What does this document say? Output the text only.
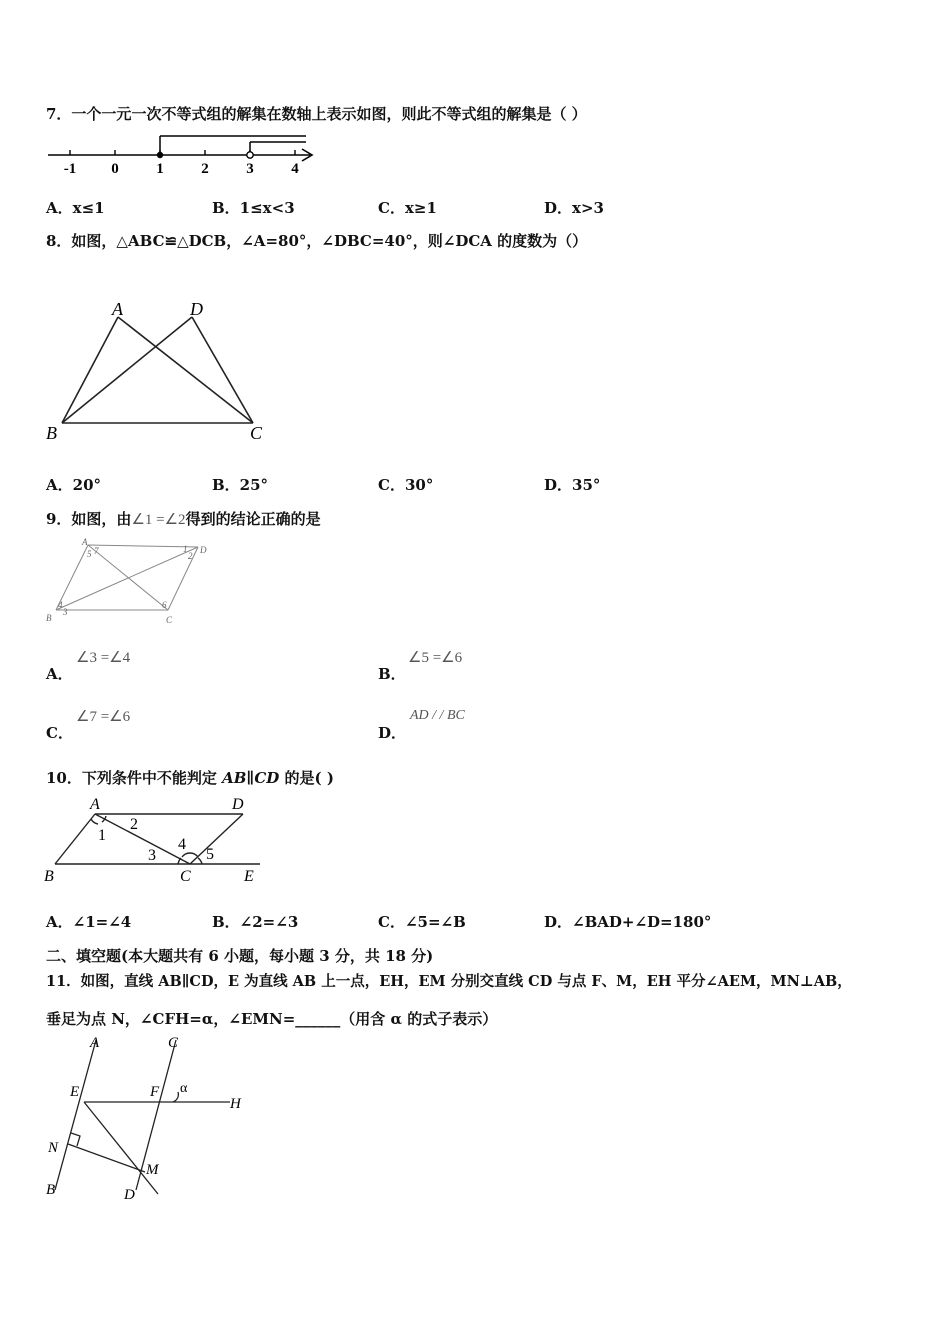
7．一个一元一次不等式组的解集在数轴上表示如图，则此不等式组的解集是（ ）
-1 0	1	2	3	4
A．x≤1	B．1≤x<3	C．x≥1	D．x>3
8．如图，△ABC≌△DCB，∠A=80°，∠DBC=40°，则∠DCA 的度数为（）
A	D
B	C
A．20°	B．25°	C．30°	D．35°
9．如图，由∠1 =∠2得到的结论正确的是
A
D
B	C
5 7	1
2
4
3
6
A．
∠3 =∠4
B．
∠5 =∠6
C．
∠7 =∠6
D．
AD / / BC
10．下列条件中不能判定 AB∥CD 的是( )
A	D
B	C	E
1
2
3
4
5
A．∠1=∠4	B．∠2=∠3	C．∠5=∠B	D．∠BAD+∠D=180°
二、填空题(本大题共有 6 小题，每小题 3 分，共 18 分)
11．如图，直线 AB∥CD，E 为直线 AB 上一点，EH，EM 分别交直线 CD 与点 F、M，EH 平分∠AEM，MN⊥AB，
垂足为点 N，∠CFH=α，∠EMN=______（用含 α 的式子表示）
A	C
E	F
H
N
M
B	D
α
